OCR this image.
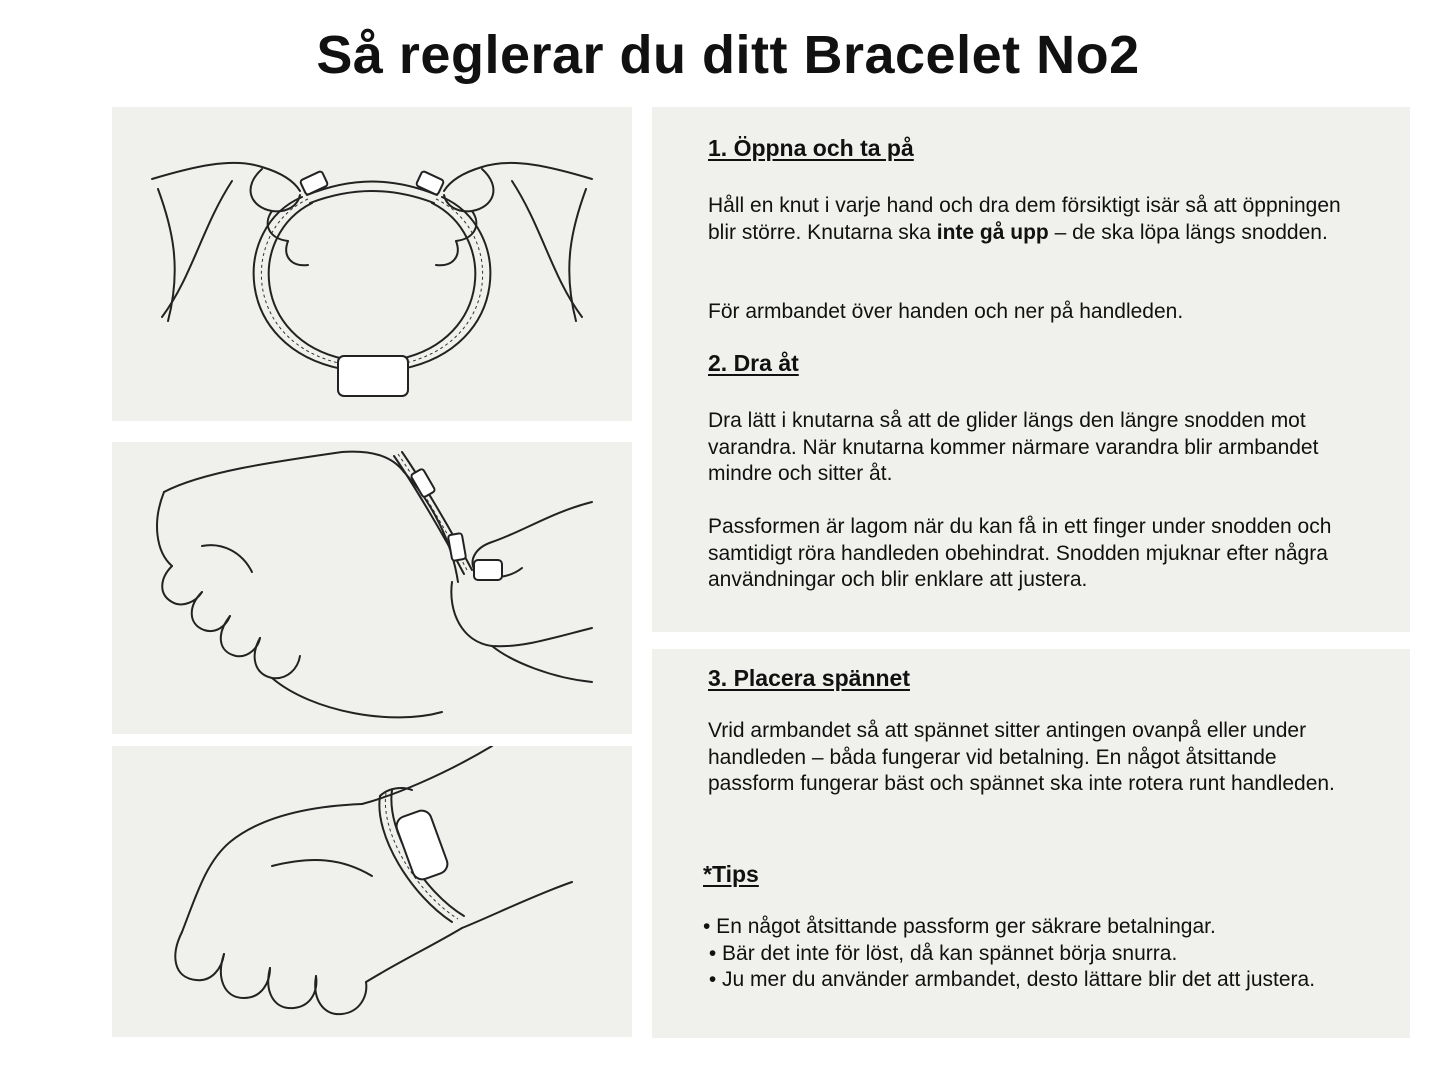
Så reglerar du ditt Bracelet No2
1. Öppna och ta på

Håll en knut i varje hand och dra dem försiktigt isär så att öppningen blir större. Knutarna ska inte gå upp – de ska löpa längs snodden.

För armbandet över handen och ner på handleden.

2. Dra åt

Dra lätt i knutarna så att de glider längs den längre snodden mot varandra. När knutarna kommer närmare varandra blir armbandet mindre och sitter åt.

Passformen är lagom när du kan få in ett finger under snodden och samtidigt röra handleden obehindrat. Snodden mjuknar efter några användningar och blir enklare att justera.

3. Placera spännet

Vrid armbandet så att spännet sitter antingen ovanpå eller under handleden – båda fungerar vid betalning. En något åtsittande passform fungerar bäst och spännet ska inte rotera runt handleden.

*Tips
• En något åtsittande passform ger säkrare betalningar.
• Bär det inte för löst, då kan spännet börja snurra.
• Ju mer du använder armbandet, desto lättare blir det att justera.
